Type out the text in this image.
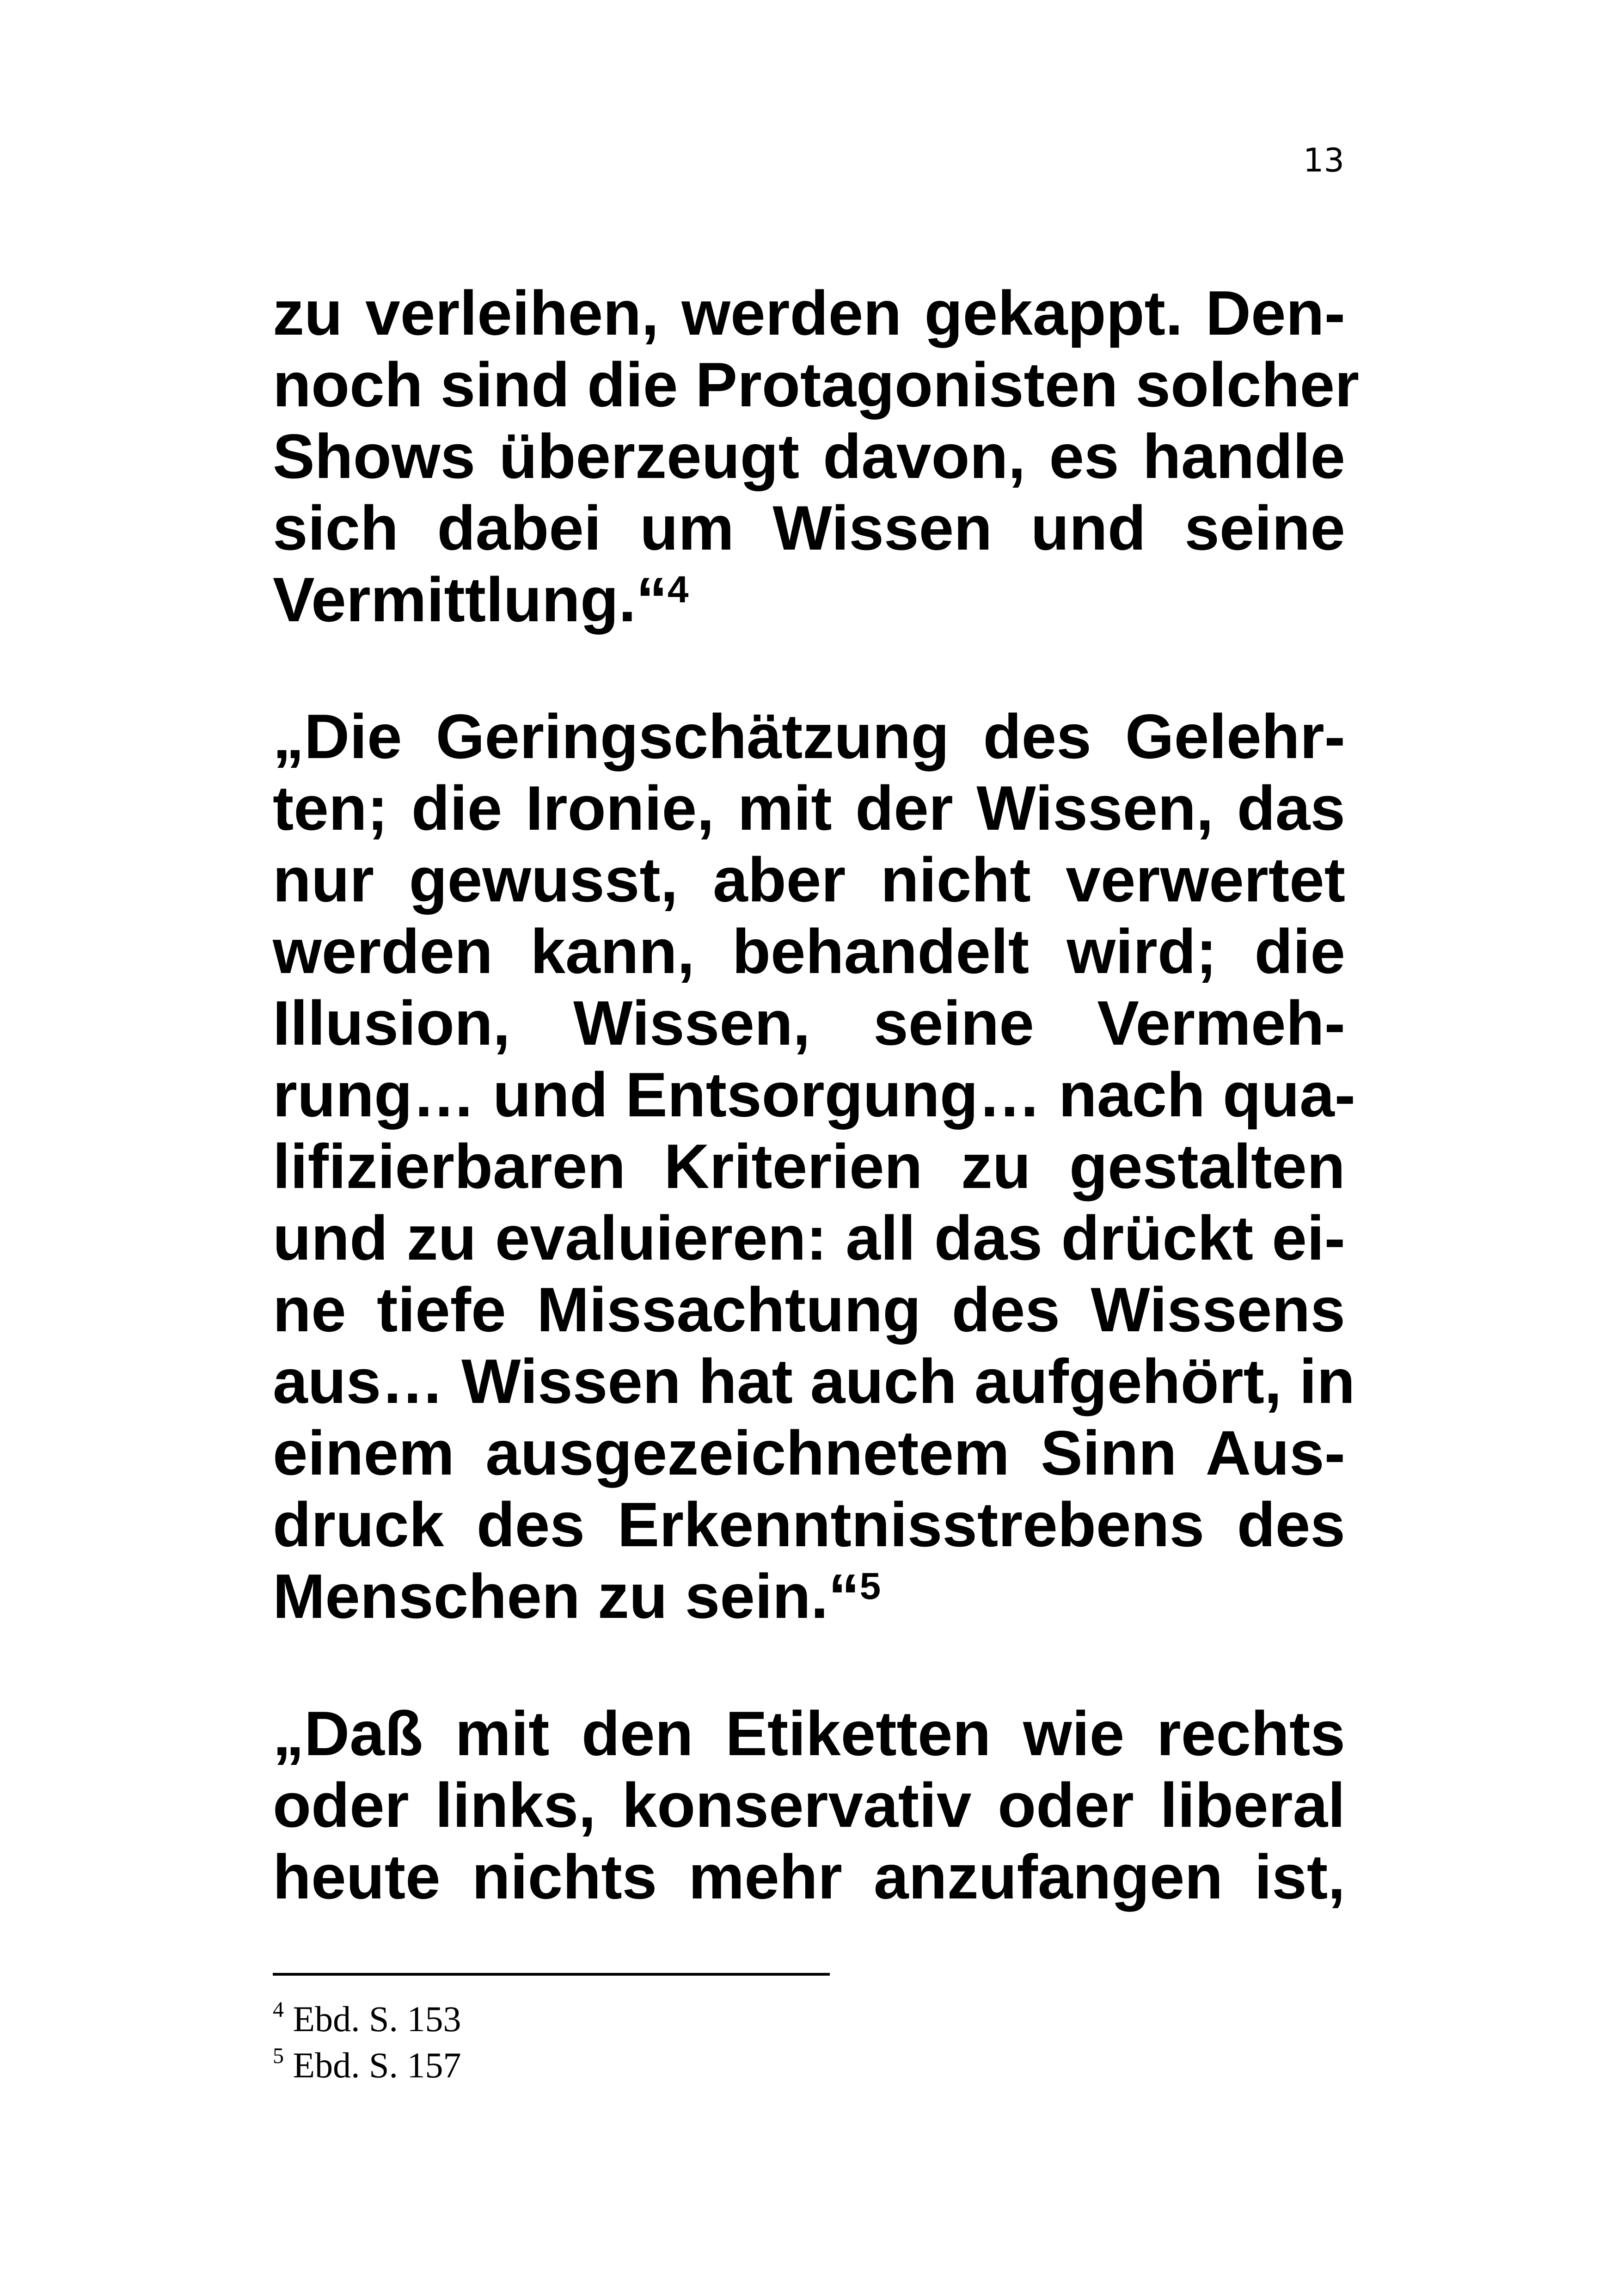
13
zu verleihen, werden gekappt. Den-
noch sind die Protagonisten solcher
Shows überzeugt davon, es handle
sich dabei um Wissen und seine
Vermittlung.“$^4$
„Die Geringschätzung des Gelehr-
ten; die Ironie, mit der Wissen, das
nur gewusst, aber nicht verwertet
werden kann, behandelt wird; die
Illusion, Wissen, seine Vermeh-
rung… und Entsorgung… nach qua-
lifizierbaren Kriterien zu gestalten
und zu evaluieren: all das drückt ei-
ne tiefe Missachtung des Wissens
aus… Wissen hat auch aufgehört, in
einem ausgezeichnetem Sinn Aus-
druck des Erkenntnisstrebens des
Menschen zu sein.“$^5$
„Daß mit den Etiketten wie rechts
oder links, konservativ oder liberal
heute nichts mehr anzufangen ist,
$^4$ Ebd. S. 153
$^5$ Ebd. S. 157
